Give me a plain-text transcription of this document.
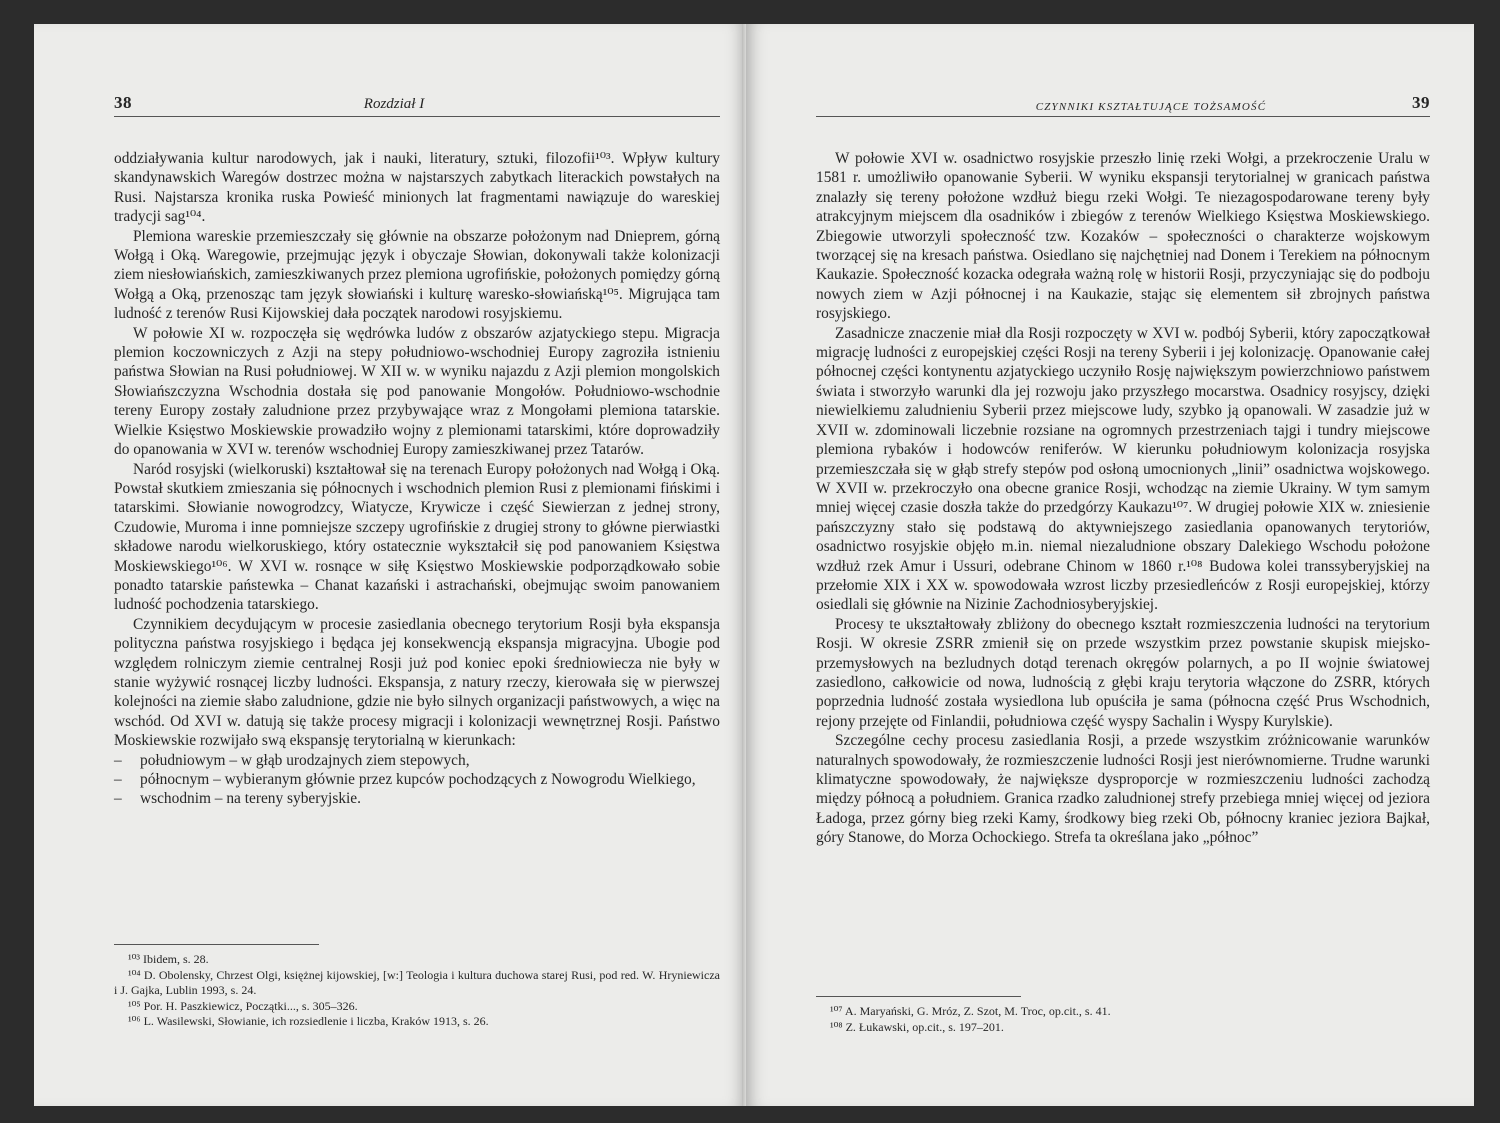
38	Rozdział I

oddziaływania kultur narodowych, jak i nauki, literatury, sztuki, filozofii¹⁰³. Wpływ kultury skandynawskich Waregów dostrzec można w najstarszych zabytkach literackich powstałych na Rusi. Najstarsza kronika ruska Powieść minionych lat fragmentami nawiązuje do wareskiej tradycji sag¹⁰⁴.

Plemiona wareskie przemieszczały się głównie na obszarze położonym nad Dnieprem, górną Wołgą i Oką. Waregowie, przejmując język i obyczaje Słowian, dokonywali także kolonizacji ziem niesłowiańskich, zamieszkiwanych przez plemiona ugrofińskie, położonych pomiędzy górną Wołgą a Oką, przenosząc tam język słowiański i kulturę waresko-słowiańską¹⁰⁵. Migrująca tam ludność z terenów Rusi Kijowskiej dała początek narodowi rosyjskiemu.

W połowie XI w. rozpoczęła się wędrówka ludów z obszarów azjatyckiego stepu. Migracja plemion koczowniczych z Azji na stepy południowo-wschodniej Europy zagroziła istnieniu państwa Słowian na Rusi południowej. W XII w. w wyniku najazdu z Azji plemion mongolskich Słowiańszczyzna Wschodnia dostała się pod panowanie Mongołów. Południowo-wschodnie tereny Europy zostały zaludnione przez przybywające wraz z Mongołami plemiona tatarskie. Wielkie Księstwo Moskiewskie prowadziło wojny z plemionami tatarskimi, które doprowadziły do opanowania w XVI w. terenów wschodniej Europy zamieszkiwanej przez Tatarów.

Naród rosyjski (wielkoruski) kształtował się na terenach Europy położonych nad Wołgą i Oką. Powstał skutkiem zmieszania się północnych i wschodnich plemion Rusi z plemionami fińskimi i tatarskimi. Słowianie nowogrodzcy, Wiatycze, Krywicze i część Siewierzan z jednej strony, Czudowie, Muroma i inne pomniejsze szczepy ugrofińskie z drugiej strony to główne pierwiastki składowe narodu wielkoruskiego, który ostatecznie wykształcił się pod panowaniem Księstwa Moskiewskiego¹⁰⁶. W XVI w. rosnące w siłę Księstwo Moskiewskie podporządkowało sobie ponadto tatarskie państewka – Chanat kazański i astrachański, obejmując swoim panowaniem ludność pochodzenia tatarskiego.

Czynnikiem decydującym w procesie zasiedlania obecnego terytorium Rosji była ekspansja polityczna państwa rosyjskiego i będąca jej konsekwencją ekspansja migracyjna. Ubogie pod względem rolniczym ziemie centralnej Rosji już pod koniec epoki średniowiecza nie były w stanie wyżywić rosnącej liczby ludności. Ekspansja, z natury rzeczy, kierowała się w pierwszej kolejności na ziemie słabo zaludnione, gdzie nie było silnych organizacji państwowych, a więc na wschód. Od XVI w. datują się także procesy migracji i kolonizacji wewnętrznej Rosji. Państwo Moskiewskie rozwijało swą ekspansję terytorialną w kierunkach:

– południowym – w głąb urodzajnych ziem stepowych,
– północnym – wybieranym głównie przez kupców pochodzących z Nowogrodu Wielkiego,
– wschodnim – na tereny syberyjskie.

¹⁰³ Ibidem, s. 28.

¹⁰⁴ D. Obolensky, Chrzest Olgi, księżnej kijowskiej, [w:] Teologia i kultura duchowa starej Rusi, pod red. W. Hryniewicza i J. Gajka, Lublin 1993, s. 24.

¹⁰⁵ Por. H. Paszkiewicz, Początki..., s. 305–326.

¹⁰⁶ L. Wasilewski, Słowianie, ich rozsiedlenie i liczba, Kraków 1913, s. 26.

CZYNNIKI KSZTAŁTUJĄCE TOŻSAMOŚĆ	39

W połowie XVI w. osadnictwo rosyjskie przeszło linię rzeki Wołgi, a przekroczenie Uralu w 1581 r. umożliwiło opanowanie Syberii. W wyniku ekspansji terytorialnej w granicach państwa znalazły się tereny położone wzdłuż biegu rzeki Wołgi. Te niezagospodarowane tereny były atrakcyjnym miejscem dla osadników i zbiegów z terenów Wielkiego Księstwa Moskiewskiego. Zbiegowie utworzyli społeczność tzw. Kozaków – społeczności o charakterze wojskowym tworzącej się na kresach państwa. Osiedlano się najchętniej nad Donem i Terekiem na północnym Kaukazie. Społeczność kozacka odegrała ważną rolę w historii Rosji, przyczyniając się do podboju nowych ziem w Azji północnej i na Kaukazie, stając się elementem sił zbrojnych państwa rosyjskiego.

Zasadnicze znaczenie miał dla Rosji rozpoczęty w XVI w. podbój Syberii, który zapoczątkował migrację ludności z europejskiej części Rosji na tereny Syberii i jej kolonizację. Opanowanie całej północnej części kontynentu azjatyckiego uczyniło Rosję największym powierzchniowo państwem świata i stworzyło warunki dla jej rozwoju jako przyszłego mocarstwa. Osadnicy rosyjscy, dzięki niewielkiemu zaludnieniu Syberii przez miejscowe ludy, szybko ją opanowali. W zasadzie już w XVII w. zdominowali liczebnie rozsiane na ogromnych przestrzeniach tajgi i tundry miejscowe plemiona rybaków i hodowców reniferów. W kierunku południowym kolonizacja rosyjska przemieszczała się w głąb strefy stepów pod osłoną umocnionych „linii” osadnictwa wojskowego. W XVII w. przekroczyło ona obecne granice Rosji, wchodząc na ziemie Ukrainy. W tym samym mniej więcej czasie doszła także do przedgórzy Kaukazu¹⁰⁷. W drugiej połowie XIX w. zniesienie pańszczyzny stało się podstawą do aktywniejszego zasiedlania opanowanych terytoriów, osadnictwo rosyjskie objęło m.in. niemal niezaludnione obszary Dalekiego Wschodu położone wzdłuż rzek Amur i Ussuri, odebrane Chinom w 1860 r.¹⁰⁸ Budowa kolei transsyberyjskiej na przełomie XIX i XX w. spowodowała wzrost liczby przesiedleńców z Rosji europejskiej, którzy osiedlali się głównie na Nizinie Zachodniosyberyjskiej.

Procesy te ukształtowały zbliżony do obecnego kształt rozmieszczenia ludności na terytorium Rosji. W okresie ZSRR zmienił się on przede wszystkim przez powstanie skupisk miejsko-przemysłowych na bezludnych dotąd terenach okręgów polarnych, a po II wojnie światowej zasiedlono, całkowicie od nowa, ludnością z głębi kraju terytoria włączone do ZSRR, których poprzednia ludność została wysiedlona lub opuściła je sama (północna część Prus Wschodnich, rejony przejęte od Finlandii, południowa część wyspy Sachalin i Wyspy Kurylskie).

Szczególne cechy procesu zasiedlania Rosji, a przede wszystkim zróżnicowanie warunków naturalnych spowodowały, że rozmieszczenie ludności Rosji jest nierównomierne. Trudne warunki klimatyczne spowodowały, że największe dysproporcje w rozmieszczeniu ludności zachodzą między północą a południem. Granica rzadko zaludnionej strefy przebiega mniej więcej od jeziora Ładoga, przez górny bieg rzeki Kamy, środkowy bieg rzeki Ob, północny kraniec jeziora Bajkał, góry Stanowe, do Morza Ochockiego. Strefa ta określana jako „północ”

¹⁰⁷ A. Maryański, G. Mróz, Z. Szot, M. Troc, op.cit., s. 41.

¹⁰⁸ Z. Łukawski, op.cit., s. 197–201.
